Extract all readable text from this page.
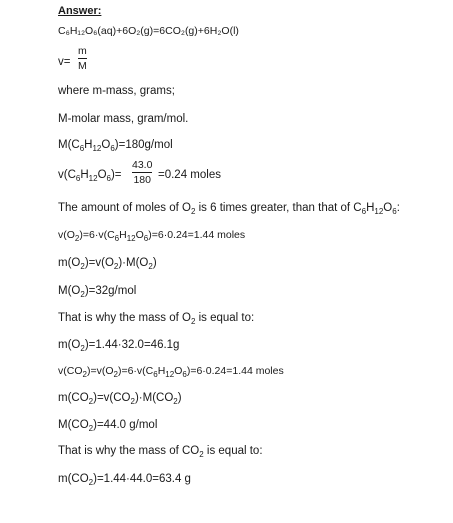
Answer:
C₆H₁₂O₆(aq)+6O₂(g)=6CO₂(g)+6H₂O(l)
v=
m
M
where m-mass, grams;
M-molar mass, gram/mol.
$M(C_6H_{12}O_6)=180g$/mol
$v(C_6H_{12}O_6)=$
43.0
180 =0.24 moles
The amount of moles of $O_2$ is 6 times greater, than that of $C_6H_{12}O_6$:
$v(O_2)=6\cdot v(C_6H_{12}O_6)=6\cdot 0.24=1.44$ moles
$m(O_2)=v(O_2)\cdot M(O_2)$
$M(O_2)=32g$/mol
That is why the mass of $O_2$ is equal to:
$m(O_2)=1.44\cdot 32.0=46.1g$
$v(CO_2)=v(O_2)=6\cdot v(C_6H_{12}O_6)=6\cdot 0.24=1.44$ moles
$m(CO_2)=v(CO_2)\cdot M(CO_2)$
$M(CO_2)=44.0$ g/mol
That is why the mass of $CO_2$ is equal to:
$m(CO_2)=1.44\cdot 44.0=63.4$ g
